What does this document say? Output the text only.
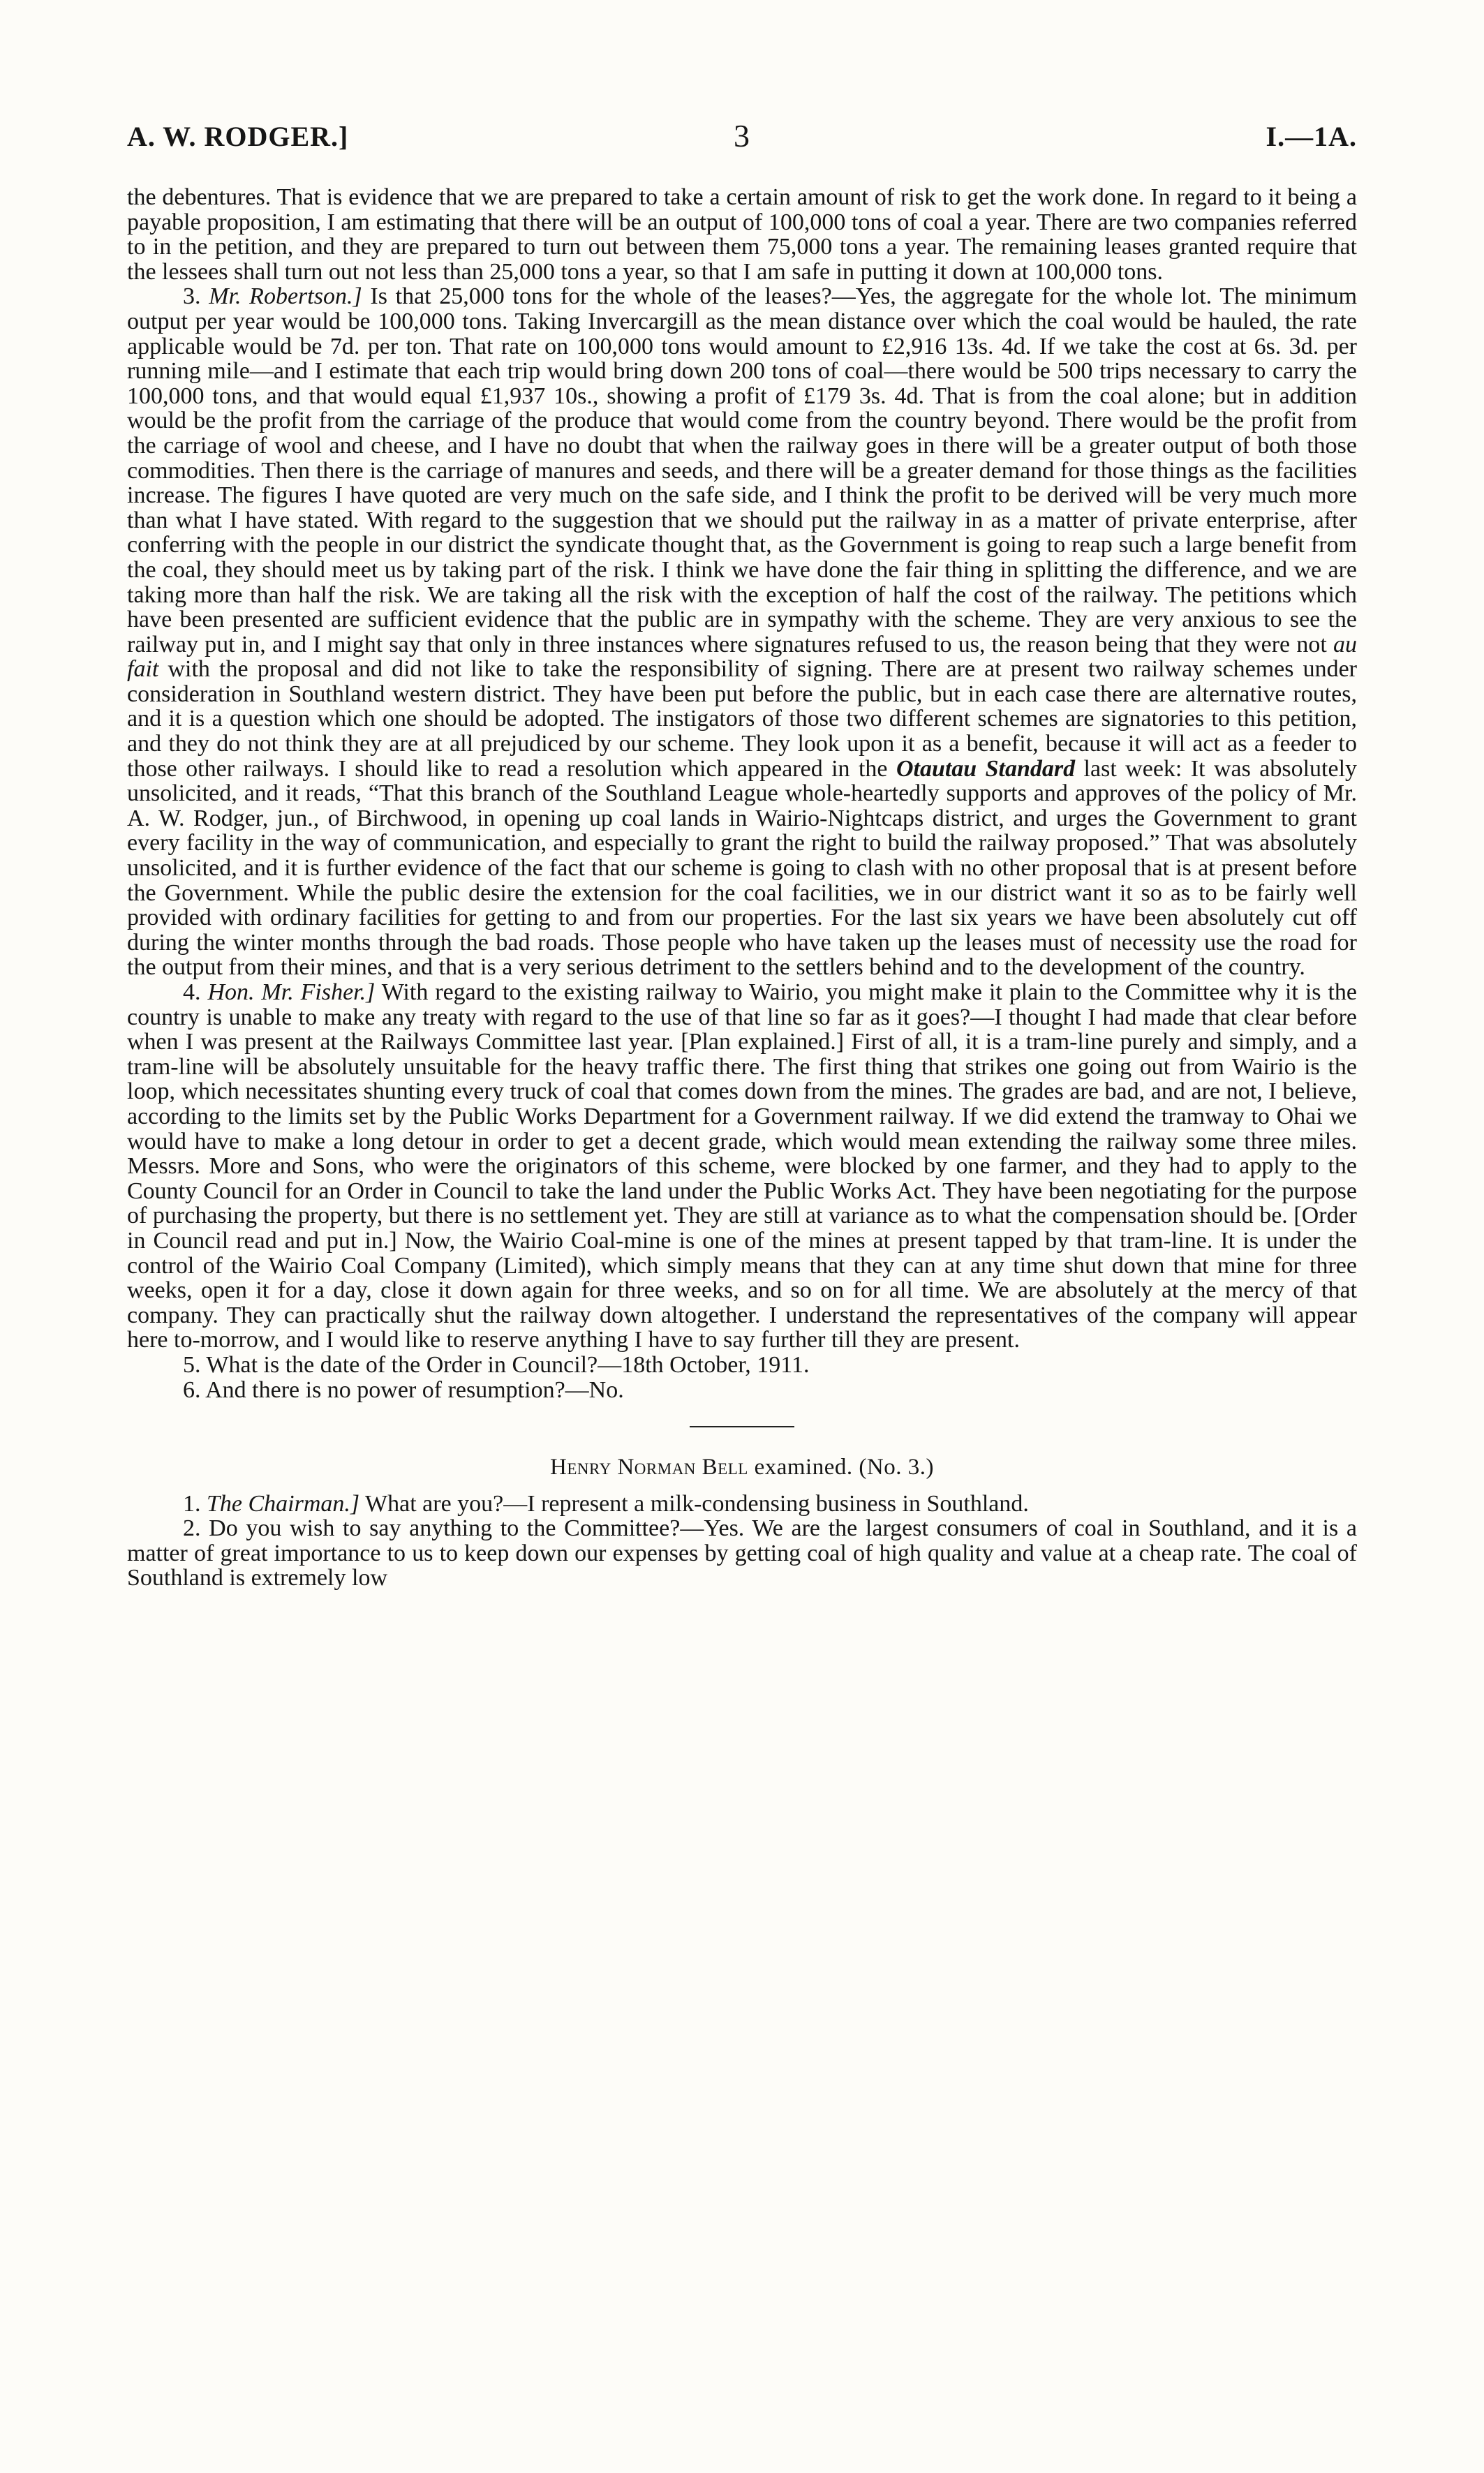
A. W. RODGER.]	3	I.—1A.

the debentures. That is evidence that we are prepared to take a certain amount of risk to get the work done. In regard to it being a payable proposition, I am estimating that there will be an output of 100,000 tons of coal a year. There are two companies referred to in the petition, and they are prepared to turn out between them 75,000 tons a year. The remaining leases granted require that the lessees shall turn out not less than 25,000 tons a year, so that I am safe in putting it down at 100,000 tons.

3. Mr. Robertson.] Is that 25,000 tons for the whole of the leases?—Yes, the aggregate for the whole lot. The minimum output per year would be 100,000 tons. Taking Invercargill as the mean distance over which the coal would be hauled, the rate applicable would be 7d. per ton. That rate on 100,000 tons would amount to £2,916 13s. 4d. If we take the cost at 6s. 3d. per running mile—and I estimate that each trip would bring down 200 tons of coal—there would be 500 trips necessary to carry the 100,000 tons, and that would equal £1,937 10s., showing a profit of £179 3s. 4d. That is from the coal alone; but in addition would be the profit from the carriage of the produce that would come from the country beyond. There would be the profit from the carriage of wool and cheese, and I have no doubt that when the railway goes in there will be a greater output of both those commodities. Then there is the carriage of manures and seeds, and there will be a greater demand for those things as the facilities increase. The figures I have quoted are very much on the safe side, and I think the profit to be derived will be very much more than what I have stated. With regard to the suggestion that we should put the railway in as a matter of private enterprise, after conferring with the people in our district the syndicate thought that, as the Government is going to reap such a large benefit from the coal, they should meet us by taking part of the risk. I think we have done the fair thing in splitting the difference, and we are taking more than half the risk. We are taking all the risk with the exception of half the cost of the railway. The petitions which have been presented are sufficient evidence that the public are in sympathy with the scheme. They are very anxious to see the railway put in, and I might say that only in three instances where signatures refused to us, the reason being that they were not au fait with the proposal and did not like to take the responsibility of signing. There are at present two railway schemes under consideration in Southland western district. They have been put before the public, but in each case there are alternative routes, and it is a question which one should be adopted. The instigators of those two different schemes are signatories to this petition, and they do not think they are at all prejudiced by our scheme. They look upon it as a benefit, because it will act as a feeder to those other railways. I should like to read a resolution which appeared in the Otautau Standard last week: It was absolutely unsolicited, and it reads, “That this branch of the Southland League whole-heartedly supports and approves of the policy of Mr. A. W. Rodger, jun., of Birchwood, in opening up coal lands in Wairio-Nightcaps district, and urges the Government to grant every facility in the way of communication, and especially to grant the right to build the railway proposed.” That was absolutely unsolicited, and it is further evidence of the fact that our scheme is going to clash with no other proposal that is at present before the Government. While the public desire the extension for the coal facilities, we in our district want it so as to be fairly well provided with ordinary facilities for getting to and from our properties. For the last six years we have been absolutely cut off during the winter months through the bad roads. Those people who have taken up the leases must of necessity use the road for the output from their mines, and that is a very serious detriment to the settlers behind and to the development of the country.

4. Hon. Mr. Fisher.] With regard to the existing railway to Wairio, you might make it plain to the Committee why it is the country is unable to make any treaty with regard to the use of that line so far as it goes?—I thought I had made that clear before when I was present at the Railways Committee last year. [Plan explained.] First of all, it is a tram-line purely and simply, and a tram-line will be absolutely unsuitable for the heavy traffic there. The first thing that strikes one going out from Wairio is the loop, which necessitates shunting every truck of coal that comes down from the mines. The grades are bad, and are not, I believe, according to the limits set by the Public Works Department for a Government railway. If we did extend the tramway to Ohai we would have to make a long detour in order to get a decent grade, which would mean extending the railway some three miles. Messrs. More and Sons, who were the originators of this scheme, were blocked by one farmer, and they had to apply to the County Council for an Order in Council to take the land under the Public Works Act. They have been negotiating for the purpose of purchasing the property, but there is no settlement yet. They are still at variance as to what the compensation should be. [Order in Council read and put in.] Now, the Wairio Coal-mine is one of the mines at present tapped by that tram-line. It is under the control of the Wairio Coal Company (Limited), which simply means that they can at any time shut down that mine for three weeks, open it for a day, close it down again for three weeks, and so on for all time. We are absolutely at the mercy of that company. They can practically shut the railway down altogether. I understand the representatives of the company will appear here to-morrow, and I would like to reserve anything I have to say further till they are present.

5. What is the date of the Order in Council?—18th October, 1911.

6. And there is no power of resumption?—No.

Henry Norman Bell examined. (No. 3.)

1. The Chairman.] What are you?—I represent a milk-condensing business in Southland.

2. Do you wish to say anything to the Committee?—Yes. We are the largest consumers of coal in Southland, and it is a matter of great importance to us to keep down our expenses by getting coal of high quality and value at a cheap rate. The coal of Southland is extremely low
